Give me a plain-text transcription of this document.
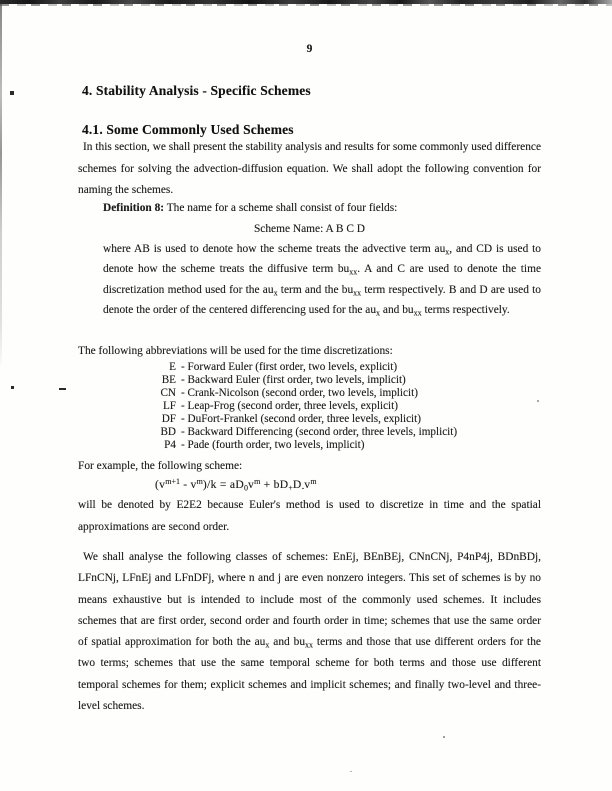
9
4. Stability Analysis - Specific Schemes
4.1. Some Commonly Used Schemes

In this section, we shall present the stability analysis and results for some commonly used difference schemes for solving the advection-diffusion equation. We shall adopt the following convention for naming the schemes.

Definition 8: The name for a scheme shall consist of four fields:

Scheme Name: A B C D

where AB is used to denote how the scheme treats the advective term $au_x$, and CD is used to denote how the scheme treats the diffusive term $bu_{xx}$. A and C are used to denote the time discretization method used for the $au_x$ term and the $bu_{xx}$ term respectively. B and D are used to denote the order of the centered differencing used for the $au_x$ and $bu_{xx}$ terms respectively.

The following abbreviations will be used for the time discretizations:

E - Forward Euler (first order, two levels, explicit)
BE - Backward Euler (first order, two levels, implicit)
CN - Crank-Nicolson (second order, two levels, implicit)
LF - Leap-Frog (second order, three levels, explicit)
DF - DuFort-Frankel (second order, three levels, explicit)
BD - Backward Differencing (second order, three levels, implicit)
P4 - Pade (fourth order, two levels, implicit)

For example, the following scheme:

$(v^{m+1} - v^m)/k = aD_0v^m + bD_+D_-v^m$

will be denoted by E2E2 because Euler's method is used to discretize in time and the spatial approximations are second order.

We shall analyse the following classes of schemes: EnEj, BEnBEj, CNnCNj, P4nP4j, BDnBDj, LFnCNj, LFnEj and LFnDFj, where n and j are even nonzero integers. This set of schemes is by no means exhaustive but is intended to include most of the commonly used schemes. It includes schemes that are first order, second order and fourth order in time; schemes that use the same order of spatial approximation for both the $au_x$ and $bu_{xx}$ terms and those that use different orders for the two terms; schemes that use the same temporal scheme for both terms and those use different temporal schemes for them; explicit schemes and implicit schemes; and finally two-level and three-level schemes.
